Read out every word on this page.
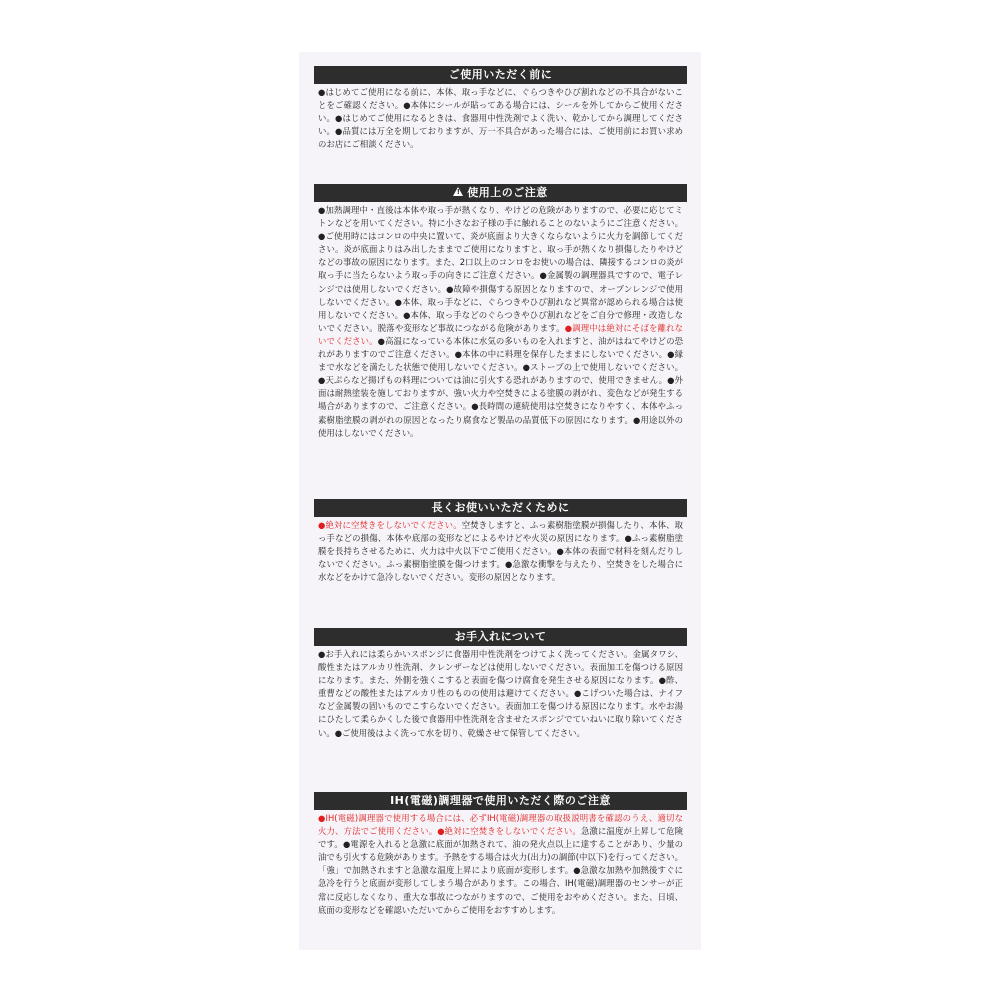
ご使用いただく前に
●はじめてご使用になる前に、本体、取っ手などに、ぐらつきやひび割れなどの不具合がないことをご確認ください。●本体にシールが貼ってある場合には、シールを外してからご使用ください。●はじめてご使用になるときは、食器用中性洗剤でよく洗い、乾かしてから調理してください。●品質には万全を期しておりますが、万一不具合があった場合には、ご使用前にお買い求めのお店にご相談ください。
!使用上のご注意
●加熱調理中・直後は本体や取っ手が熱くなり、やけどの危険がありますので、必要に応じてミトンなどを用いてください。特に小さなお子様の手に触れることのないようにご注意ください。●ご使用時にはコンロの中央に置いて、炎が底面より大きくならないように火力を調節してください。炎が底面よりはみ出したままでご使用になりますと、取っ手が熱くなり損傷したりやけどなどの事故の原因になります。また、2口以上のコンロをお使いの場合は、隣接するコンロの炎が取っ手に当たらないよう取っ手の向きにご注意ください。●金属製の調理器具ですので、電子レンジでは使用しないでください。●故障や損傷する原因となりますので、オーブンレンジで使用しないでください。●本体、取っ手などに、ぐらつきやひび割れなど異常が認められる場合は使用しないでください。●本体、取っ手などのぐらつきやひび割れなどをご自分で修理・改造しないでください。脱落や変形など事故につながる危険があります。●調理中は絶対にそばを離れないでください。●高温になっている本体に水気の多いものを入れますと、油がはねてやけどの恐れがありますのでご注意ください。●本体の中に料理を保存したままにしないでください。●縁まで水などを満たした状態で使用しないでください。●ストーブの上で使用しないでください。●天ぷらなど揚げもの料理については油に引火する恐れがありますので、使用できません。●外面は耐熱塗装を施しておりますが、強い火力や空焚きによる塗膜の剥がれ、変色などが発生する場合がありますので、ご注意ください。●長時間の連続使用は空焚きになりやすく、本体やふっ素樹脂塗膜の剥がれの原因となったり腐食など製品の品質低下の原因になります。●用途以外の使用はしないでください。
長くお使いいただくために
●絶対に空焚きをしないでください。空焚きしますと、ふっ素樹脂塗膜が損傷したり、本体、取っ手などの損傷、本体や底部の変形などによるやけどや火災の原因になります。●ふっ素樹脂塗膜を長持ちさせるために、火力は中火以下でご使用ください。●本体の表面で材料を刻んだりしないでください。ふっ素樹脂塗膜を傷つけます。●急激な衝撃を与えたり、空焚きをした場合に水などをかけて急冷しないでください。変形の原因となります。
お手入れについて
●お手入れには柔らかいスポンジに食器用中性洗剤をつけてよく洗ってください。金属タワシ、酸性またはアルカリ性洗剤、クレンザーなどは使用しないでください。表面加工を傷つける原因になります。また、外側を強くこすると表面を傷つけ腐食を発生させる原因になります。●酢、重曹などの酸性またはアルカリ性のものの使用は避けてください。●こげついた場合は、ナイフなど金属製の固いものでこすらないでください。表面加工を傷つける原因になります。水やお湯にひたして柔らかくした後で食器用中性洗剤を含ませたスポンジでていねいに取り除いてください。●ご使用後はよく洗って水を切り、乾燥させて保管してください。
IH(電磁)調理器で使用いただく際のご注意
●IH(電磁)調理器で使用する場合には、必ずIH(電磁)調理器の取扱説明書を確認のうえ、適切な火力、方法でご使用ください。●絶対に空焚きをしないでください。急激に温度が上昇して危険です。●電源を入れると急激に底面が加熱されて、油の発火点以上に達することがあり、少量の油でも引火する危険があります。予熱をする場合は火力(出力)の調節(中以下)を行ってください。「強」で加熱されますと急激な温度上昇により底面が変形します。●急激な加熱や加熱後すぐに急冷を行うと底面が変形してしまう場合があります。この場合、IH(電磁)調理器のセンサーが正常に反応しなくなり、重大な事故につながりますので、ご使用をおやめください。また、日頃、底面の変形などを確認いただいてからご使用をおすすめします。
